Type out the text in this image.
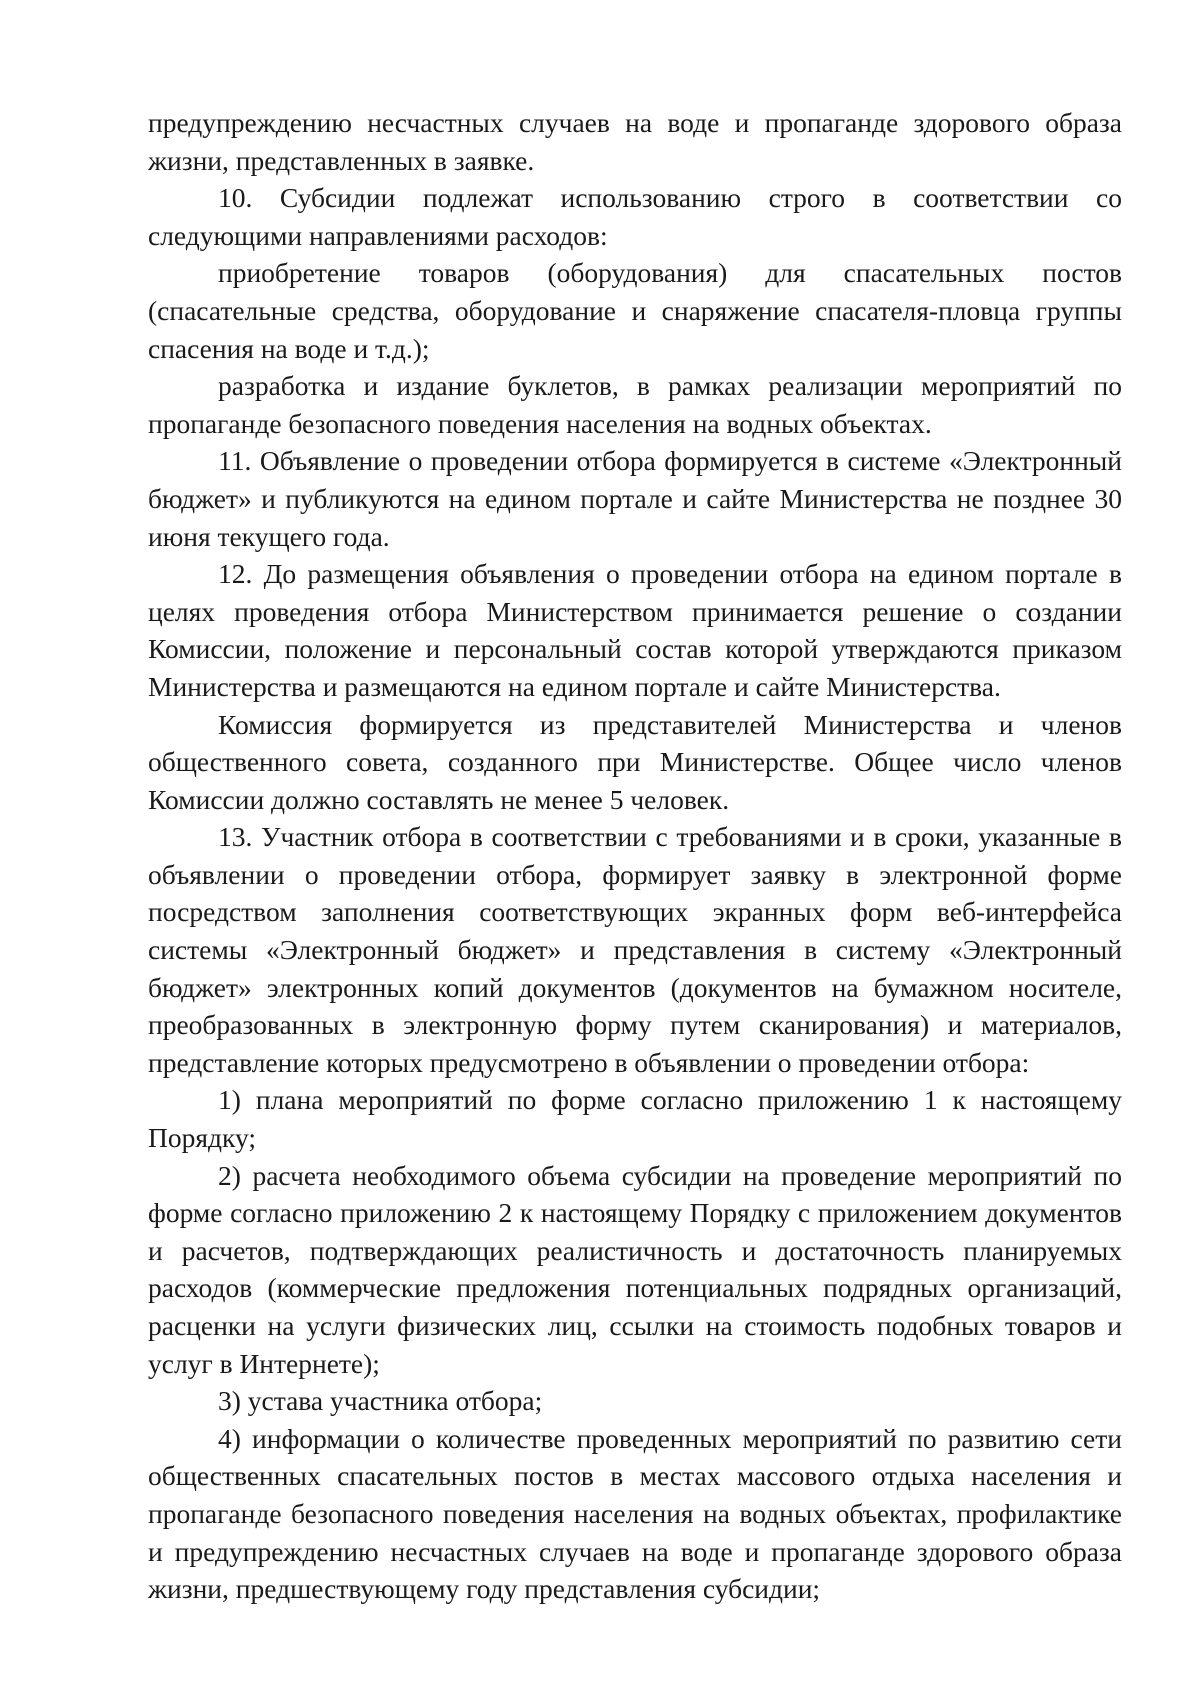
предупреждению несчастных случаев на воде и пропаганде здорового образа жизни, представленных в заявке.

10. Субсидии подлежат использованию строго в соответствии со следующими направлениями расходов:

приобретение товаров (оборудования) для спасательных постов (спасательные средства, оборудование и снаряжение спасателя-пловца группы спасения на воде и т.д.);

разработка и издание буклетов, в рамках реализации мероприятий по пропаганде безопасного поведения населения на водных объектах.

11. Объявление о проведении отбора формируется в системе «Электронный бюджет» и публикуются на едином портале и сайте Министерства не позднее 30 июня текущего года.

12. До размещения объявления о проведении отбора на едином портале в целях проведения отбора Министерством принимается решение о создании Комиссии, положение и персональный состав которой утверждаются приказом Министерства и размещаются на едином портале и сайте Министерства.

Комиссия формируется из представителей Министерства и членов общественного совета, созданного при Министерстве. Общее число членов Комиссии должно составлять не менее 5 человек.

13. Участник отбора в соответствии с требованиями и в сроки, указанные в объявлении о проведении отбора, формирует заявку в электронной форме посредством заполнения соответствующих экранных форм веб-интерфейса системы «Электронный бюджет» и представления в систему «Электронный бюджет» электронных копий документов (документов на бумажном носителе, преобразованных в электронную форму путем сканирования) и материалов, представление которых предусмотрено в объявлении о проведении отбора:

1) плана мероприятий по форме согласно приложению 1 к настоящему Порядку;

2) расчета необходимого объема субсидии на проведение мероприятий по форме согласно приложению 2 к настоящему Порядку с приложением документов и расчетов, подтверждающих реалистичность и достаточность планируемых расходов (коммерческие предложения потенциальных подрядных организаций, расценки на услуги физических лиц, ссылки на стоимость подобных товаров и услуг в Интернете);

3) устава участника отбора;

4) информации о количестве проведенных мероприятий по развитию сети общественных спасательных постов в местах массового отдыха населения и пропаганде безопасного поведения населения на водных объектах, профилактике и предупреждению несчастных случаев на воде и пропаганде здорового образа жизни, предшествующему году представления субсидии;
